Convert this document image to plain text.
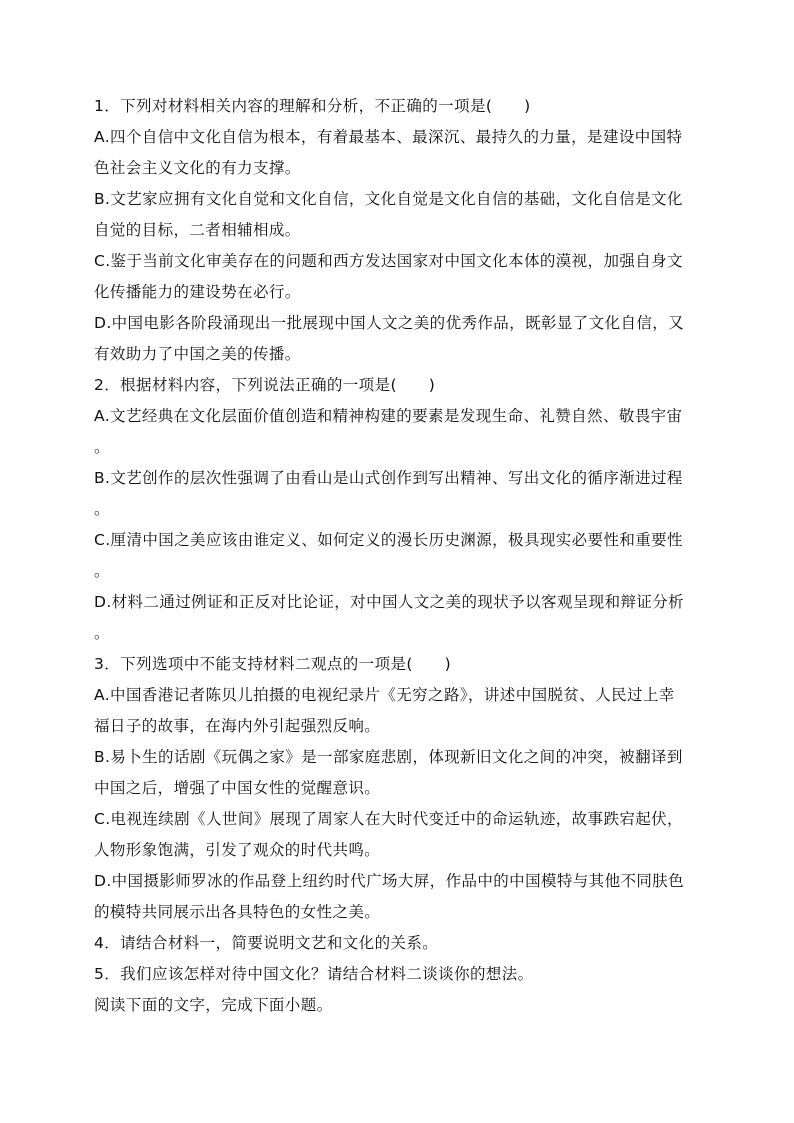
1．下列对材料相关内容的理解和分析，不正确的一项是(　　)

A.四个自信中文化自信为根本，有着最基本、最深沉、最持久的力量，是建设中国特

色社会主义文化的有力支撑。

B.文艺家应拥有文化自觉和文化自信，文化自觉是文化自信的基础，文化自信是文化

自觉的目标，二者相辅相成。

C.鉴于当前文化审美存在的问题和西方发达国家对中国文化本体的漠视，加强自身文

化传播能力的建设势在必行。

D.中国电影各阶段涌现出一批展现中国人文之美的优秀作品，既彰显了文化自信，又

有效助力了中国之美的传播。

2．根据材料内容，下列说法正确的一项是(　　)

A.文艺经典在文化层面价值创造和精神构建的要素是发现生命、礼赞自然、敬畏宇宙

。

B.文艺创作的层次性强调了由看山是山式创作到写出精神、写出文化的循序渐进过程

。

C.厘清中国之美应该由谁定义、如何定义的漫长历史渊源，极具现实必要性和重要性

。

D.材料二通过例证和正反对比论证，对中国人文之美的现状予以客观呈现和辩证分析

。

3．下列选项中不能支持材料二观点的一项是(　　)

A.中国香港记者陈贝儿拍摄的电视纪录片《无穷之路》，讲述中国脱贫、人民过上幸

福日子的故事，在海内外引起强烈反响。

B.易卜生的话剧《玩偶之家》是一部家庭悲剧，体现新旧文化之间的冲突，被翻译到

中国之后，增强了中国女性的觉醒意识。

C.电视连续剧《人世间》展现了周家人在大时代变迁中的命运轨迹，故事跌宕起伏，

人物形象饱满，引发了观众的时代共鸣。

D.中国摄影师罗冰的作品登上纽约时代广场大屏，作品中的中国模特与其他不同肤色

的模特共同展示出各具特色的女性之美。

4．请结合材料一，简要说明文艺和文化的关系。

5．我们应该怎样对待中国文化？请结合材料二谈谈你的想法。

阅读下面的文字，完成下面小题。
